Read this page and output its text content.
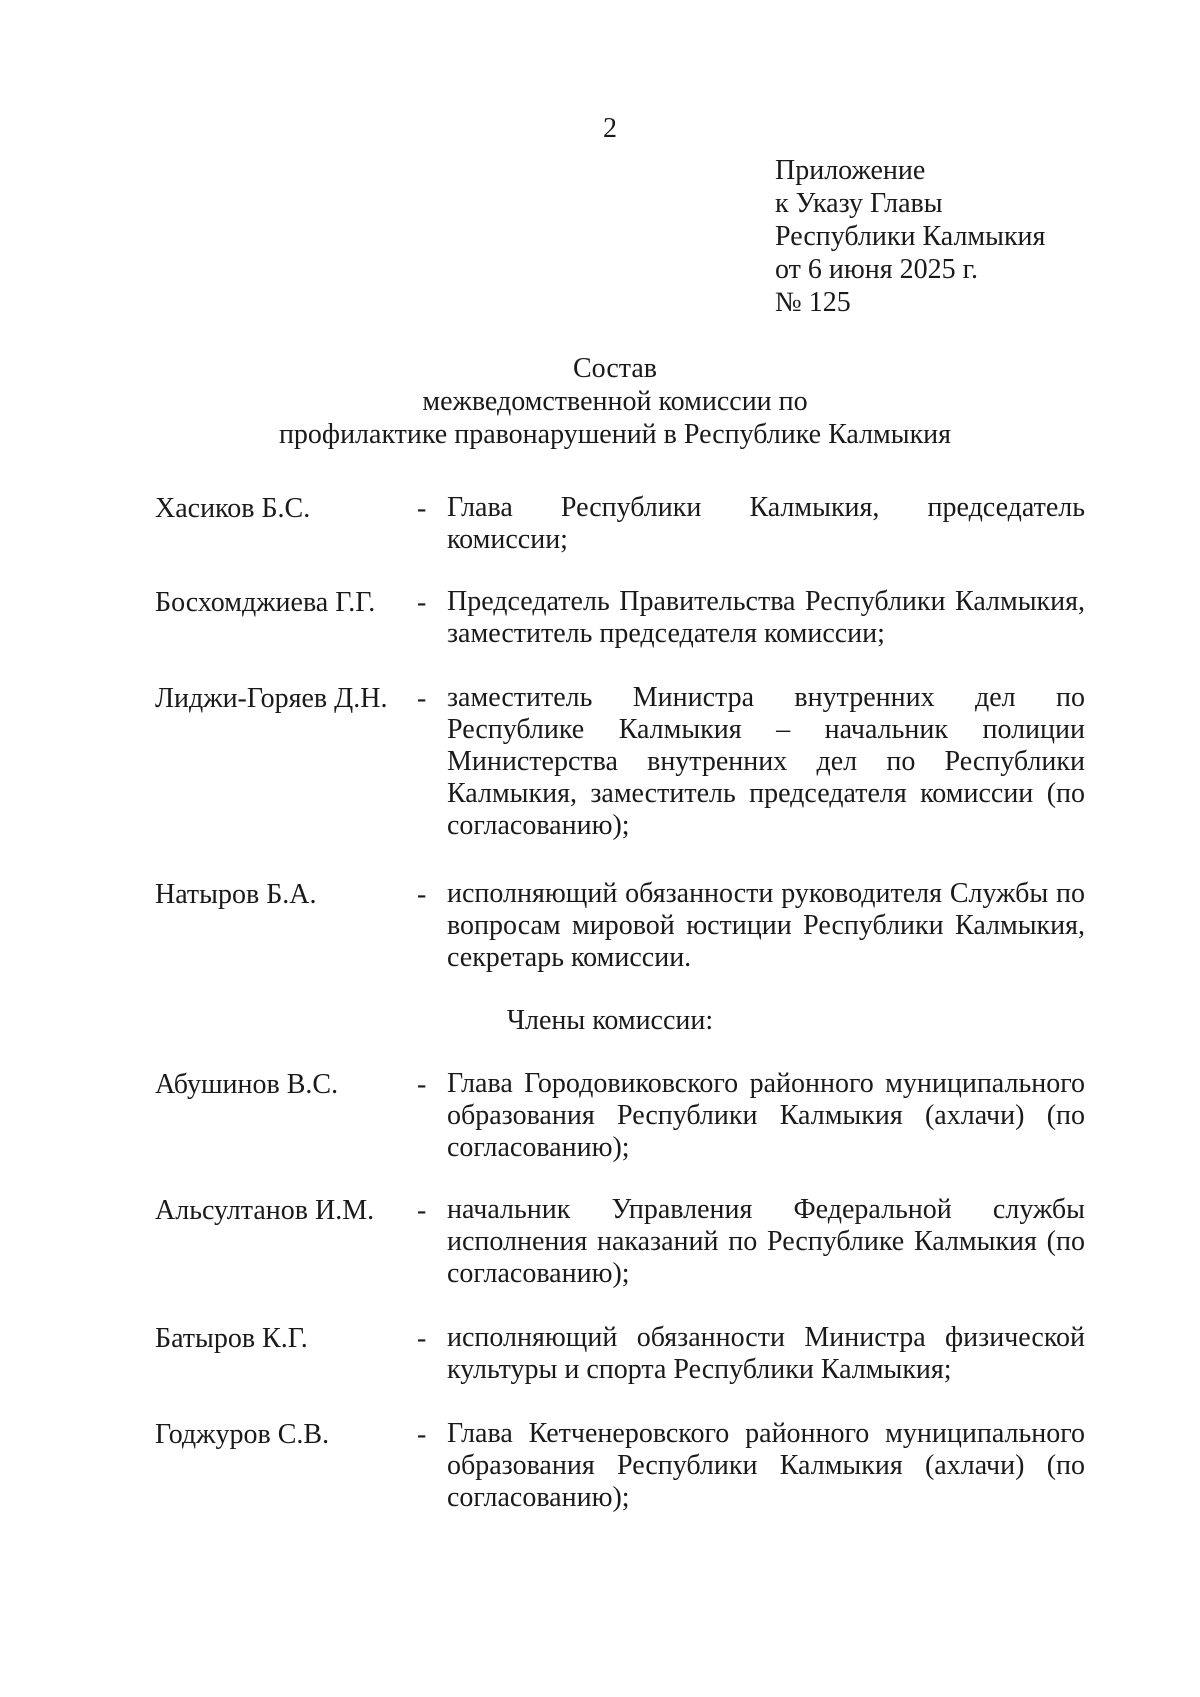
2
Приложение
к Указу Главы
Республики Калмыкия
от 6 июня 2025 г.
№ 125
Состав
межведомственной комиссии по
профилактике правонарушений в Республике Калмыкия
Хасиков Б.С.	- Глава Республики Калмыкия, председатель комиссии;
Босхомджиева Г.Г.	- Председатель Правительства Республики Калмыкия, заместитель председателя комиссии;
Лиджи-Горяев Д.Н.	- заместитель Министра внутренних дел по Республике Калмыкия – начальник полиции Министерства внутренних дел по Республики Калмыкия, заместитель председателя комиссии (по согласованию);
Натыров Б.А.	- исполняющий обязанности руководителя Службы по вопросам мировой юстиции Республики Калмыкия, секретарь комиссии.
Члены комиссии:
Абушинов В.С.	- Глава Городовиковского районного муниципального образования Республики Калмыкия (ахлачи) (по согласованию);
Альсултанов И.М.	- начальник Управления Федеральной службы исполнения наказаний по Республике Калмыкия (по согласованию);
Батыров К.Г.	- исполняющий обязанности Министра физической культуры и спорта Республики Калмыкия;
Годжуров С.В.	- Глава Кетченеровского районного муниципального образования Республики Калмыкия (ахлачи) (по согласованию);
